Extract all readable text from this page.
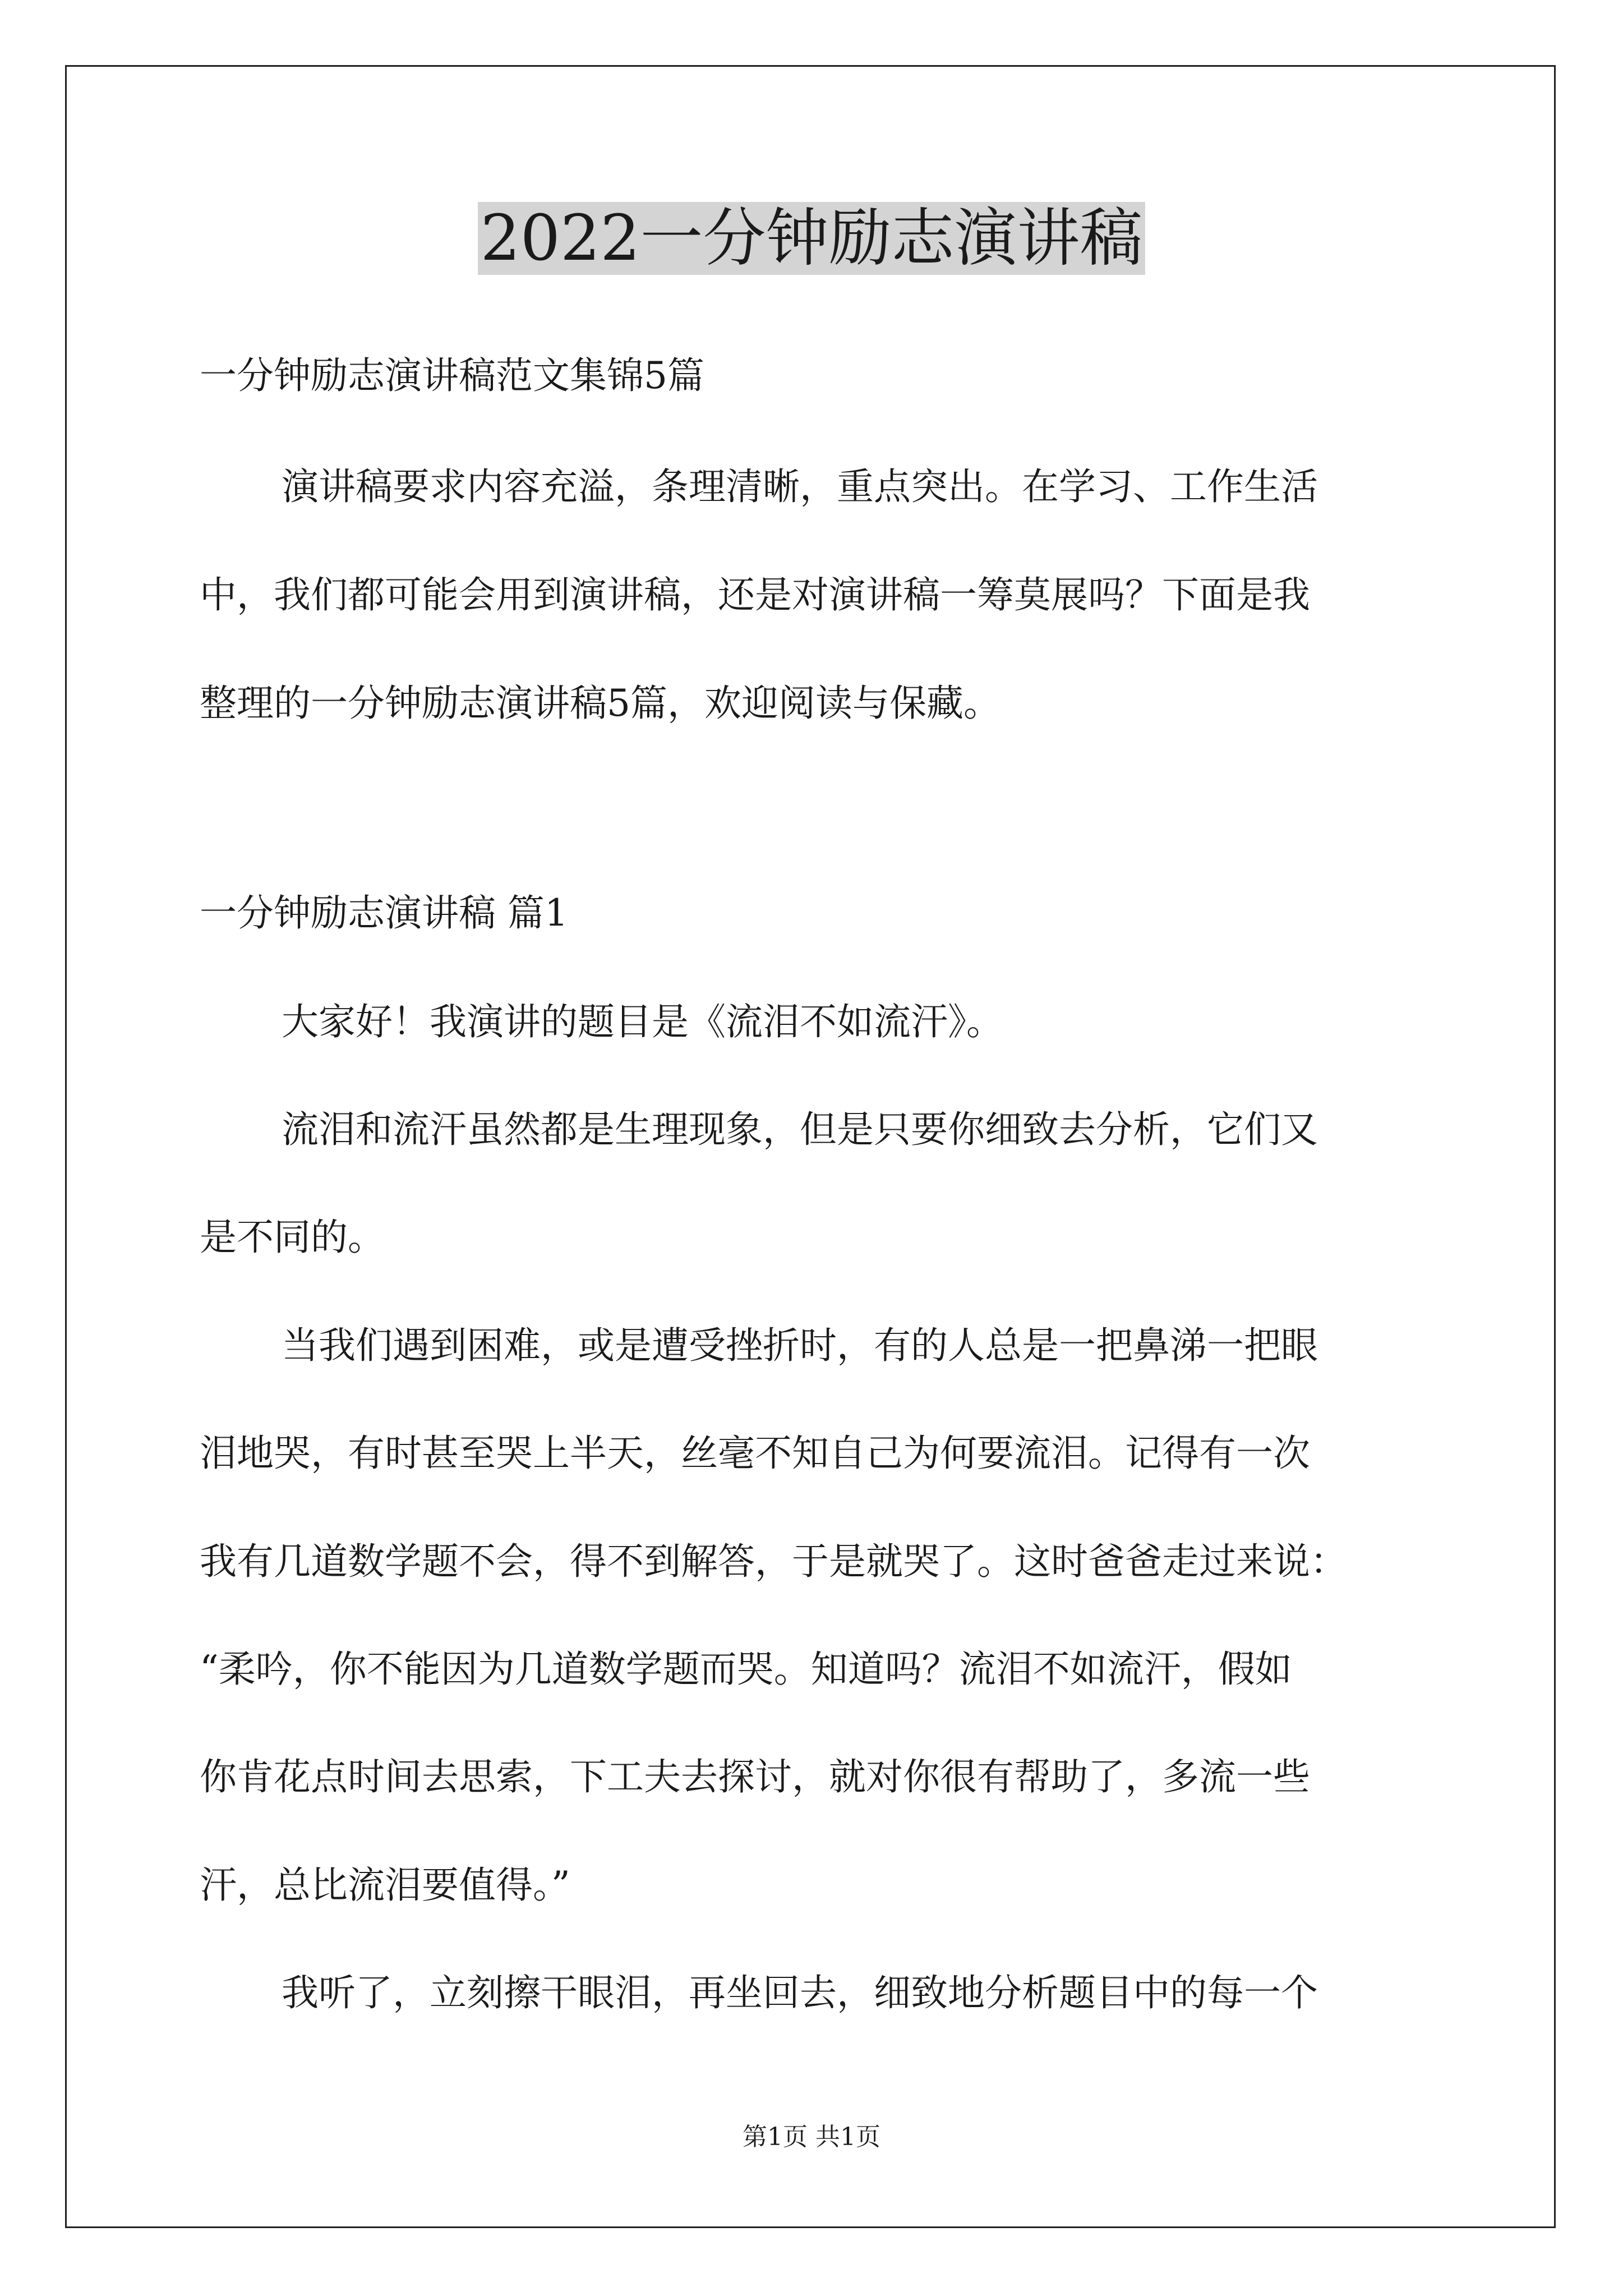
2022一分钟励志演讲稿
一分钟励志演讲稿范文集锦5篇
演讲稿要求内容充溢，条理清晰，重点突出。在学习、工作生活
中，我们都可能会用到演讲稿，还是对演讲稿一筹莫展吗？下面是我
整理的一分钟励志演讲稿5篇，欢迎阅读与保藏。
一分钟励志演讲稿 篇1
大家好！我演讲的题目是《流泪不如流汗》。
流泪和流汗虽然都是生理现象，但是只要你细致去分析，它们又
是不同的。
当我们遇到困难，或是遭受挫折时，有的人总是一把鼻涕一把眼
泪地哭，有时甚至哭上半天，丝毫不知自己为何要流泪。记得有一次
我有几道数学题不会，得不到解答，于是就哭了。这时爸爸走过来说：
“柔吟，你不能因为几道数学题而哭。知道吗？流泪不如流汗，假如
你肯花点时间去思索，下工夫去探讨，就对你很有帮助了，多流一些
汗，总比流泪要值得。”
我听了，立刻擦干眼泪，再坐回去，细致地分析题目中的每一个
第1页 共1页
